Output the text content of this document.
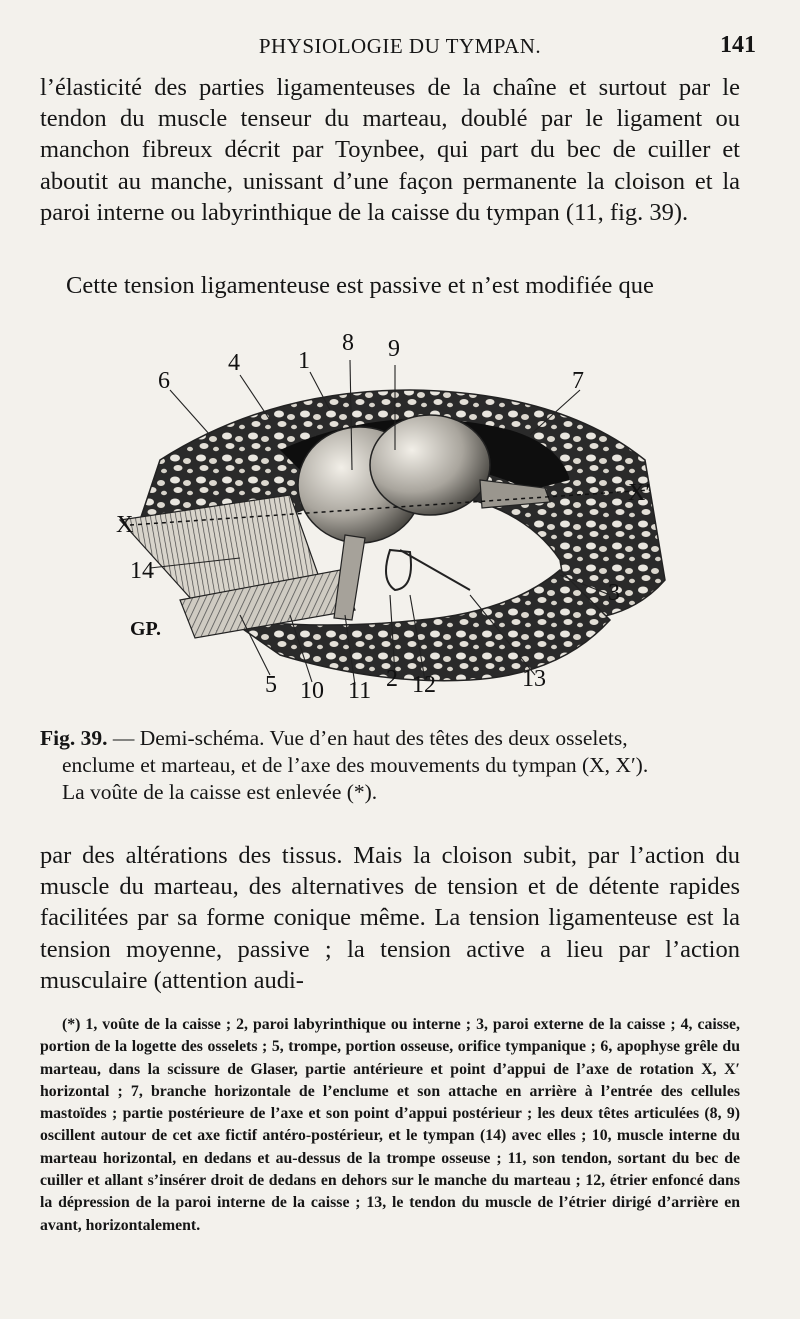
PHYSIOLOGIE DU TYMPAN.	141

l’élasticité des parties ligamenteuses de la chaîne et surtout par le tendon du muscle tenseur du marteau, doublé par le ligament ou manchon fibreux décrit par Toynbee, qui part du bec de cuiller et aboutit au manche, unissant d’une façon permanente la cloison et la paroi interne ou labyrinthique de la caisse du tympan (11, fig. 39).

Cette tension ligamenteuse est passive et n’est modifiée que

6
4 1
8 9
7
X′
X
14
3
GP.
5 10 11 2 12	13

Fig. 39. — Demi-schéma. Vue d’en haut des têtes des deux osselets,
enclume et marteau, et de l’axe des mouvements du tympan (X, X′).
La voûte de la caisse est enlevée (*).

par des altérations des tissus. Mais la cloison subit, par l’action du muscle du marteau, des alternatives de tension et de détente rapides facilitées par sa forme conique même. La tension ligamenteuse est la tension moyenne, passive ; la tension active a lieu par l’action musculaire (attention audi-

(*) 1, voûte de la caisse ; 2, paroi labyrinthique ou interne ; 3, paroi externe de la caisse ; 4, caisse, portion de la logette des osselets ; 5, trompe, portion osseuse, orifice tympanique ; 6, apophyse grêle du marteau, dans la scissure de Glaser, partie antérieure et point d’appui de l’axe de rotation X, X′ horizontal ; 7, branche horizontale de l’enclume et son attache en arrière à l’entrée des cellules mastoïdes ; partie postérieure de l’axe et son point d’appui postérieur ; les deux têtes articulées (8, 9) oscillent autour de cet axe fictif antéro-postérieur, et le tympan (14) avec elles ; 10, muscle interne du marteau horizontal, en dedans et au-dessus de la trompe osseuse ; 11, son tendon, sortant du bec de cuiller et allant s’insérer droit de dedans en dehors sur le manche du marteau ; 12, étrier enfoncé dans la dépression de la paroi interne de la caisse ; 13, le tendon du muscle de l’étrier dirigé d’arrière en avant, horizontalement.
